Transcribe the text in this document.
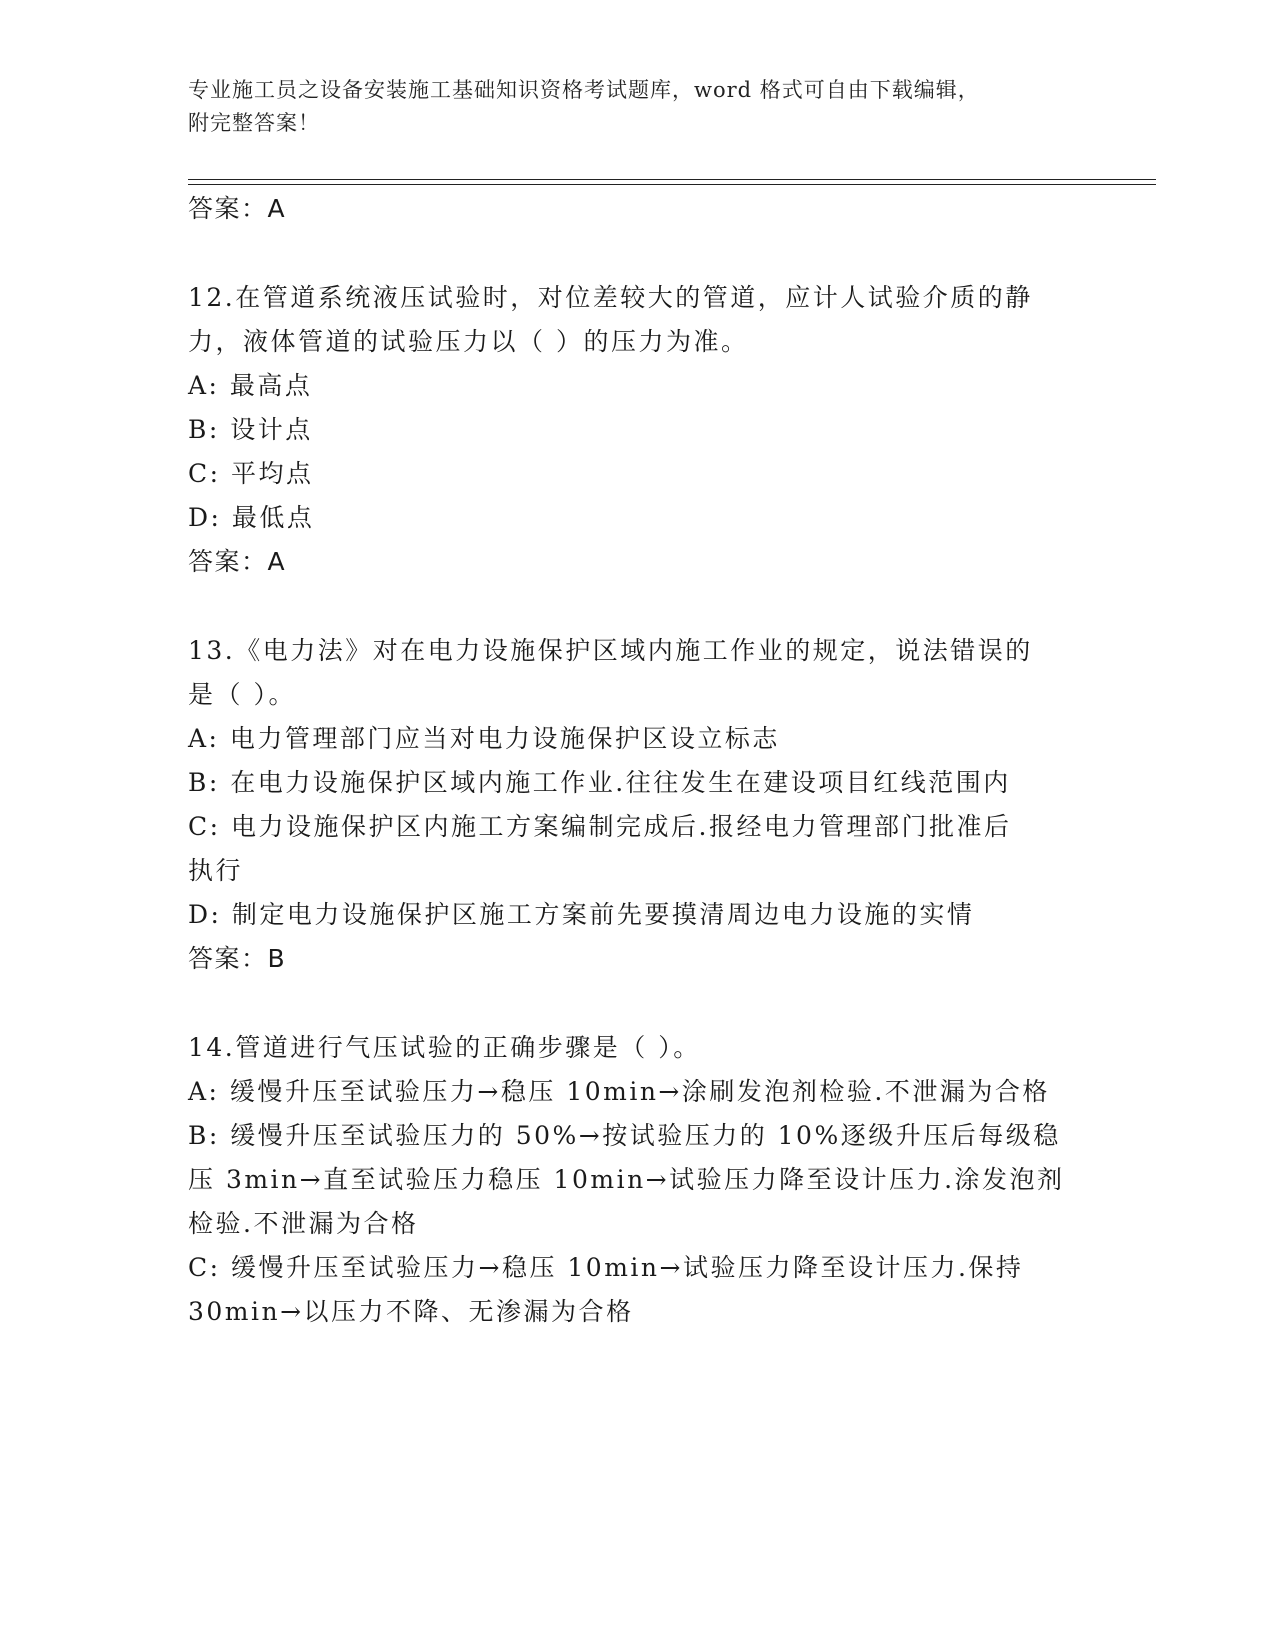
专业施工员之设备安装施工基础知识资格考试题库，word 格式可自由下载编辑，
附完整答案！
答案：A
12.在管道系统液压试验时，对位差较大的管道，应计人试验介质的静
力，液体管道的试验压力以（ ）的压力为准。
A: 最高点
B: 设计点
C: 平均点
D: 最低点
答案：A
13.《电力法》对在电力设施保护区域内施工作业的规定，说法错误的
是（ ）。
A: 电力管理部门应当对电力设施保护区设立标志
B: 在电力设施保护区域内施工作业.往往发生在建设项目红线范围内
C: 电力设施保护区内施工方案编制完成后.报经电力管理部门批准后
执行
D: 制定电力设施保护区施工方案前先要摸清周边电力设施的实情
答案：B
14.管道进行气压试验的正确步骤是（ ）。
A: 缓慢升压至试验压力→稳压 10min→涂刷发泡剂检验.不泄漏为合格
B: 缓慢升压至试验压力的 50%→按试验压力的 10%逐级升压后每级稳
压 3min→直至试验压力稳压 10min→试验压力降至设计压力.涂发泡剂
检验.不泄漏为合格
C: 缓慢升压至试验压力→稳压 10min→试验压力降至设计压力.保持
30min→以压力不降、无渗漏为合格
